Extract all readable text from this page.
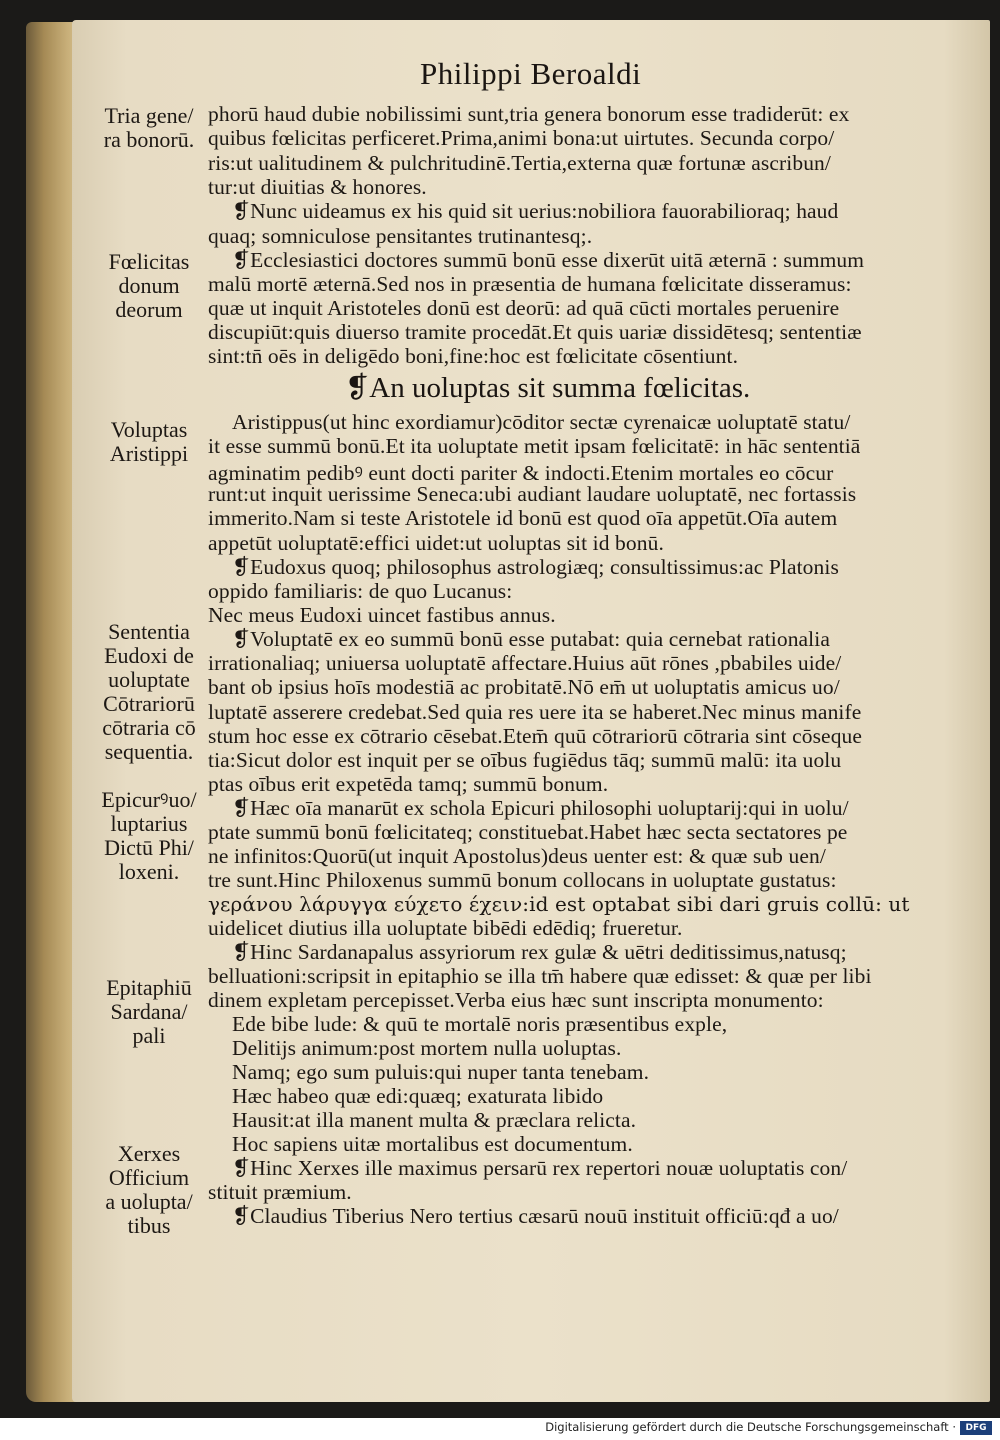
Philippi Beroaldi
Tria gene/
ra bonorū.
Fœlicitas
donum
deorum
Voluptas
Aristippi
Sententia
Eudoxi de
uoluptate
Cōtrariorū
cōtraria cō
sequentia.
Epicurꝰuo/
luptarius
Dictū Phi/
loxeni.
Epitaphiū
Sardana/
pali
Xerxes
Officium
a uolupta/
tibus
❡An uoluptas sit summa fœlicitas.
phorū haud dubie nobilissimi sunt,tria genera bonorum esse tradiderūt: ex
quibus fœlicitas perficeret.Prima,animi bona:ut uirtutes. Secunda corpo/
ris:ut ualitudinem & pulchritudinē.Tertia,externa quæ fortunæ ascribun/
tur:ut diuitias & honores.
❡Nunc uideamus ex his quid sit uerius:nobiliora fauorabilioraq; haud
quaq; somniculose pensitantes trutinantesq;.
❡Ecclesiastici doctores summū bonū esse dixerūt uitā æternā : summum
malū mortē æternā.Sed nos in præsentia de humana fœlicitate disseramus:
quæ ut inquit Aristoteles donū est deorū: ad quā cūcti mortales peruenire
discupiūt:quis diuerso tramite procedāt.Et quis uariæ dissidētesq; sententiæ
sint:tn̄ oēs in deligēdo boni,fine:hoc est fœlicitate cōsentiunt.
Aristippus(ut hinc exordiamur)cōditor sectæ cyrenaicæ uoluptatē statu/
it esse summū bonū.Et ita uoluptate metit ipsam fœlicitatē: in hāc sententiā
agminatim pedibꝰ eunt docti pariter & indocti.Etenim mortales eo cōcur
runt:ut inquit uerissime Seneca:ubi audiant laudare uoluptatē, nec fortassis
immerito.Nam si teste Aristotele id bonū est quod oīa appetūt.Oīa autem
appetūt uoluptatē:effici uidet:ut uoluptas sit id bonū.
❡Eudoxus quoq; philosophus astrologiæq; consultissimus:ac Platonis
oppido familiaris: de quo Lucanus:
Nec meus Eudoxi uincet fastibus annus.
❡Voluptatē ex eo summū bonū esse putabat: quia cernebat rationalia
irrationaliaq; uniuersa uoluptatē affectare.Huius aūt rōnes ,pbabiles uide/
bant ob ipsius hoīs modestiā ac probitatē.Nō em̄ ut uoluptatis amicus uo/
luptatē asserere credebat.Sed quia res uere ita se haberet.Nec minus manife
stum hoc esse ex cōtrario cēsebat.Etem̄ quū cōtrariorū cōtraria sint cōseque
tia:Sicut dolor est inquit per se oībus fugiēdus tāq; summū malū: ita uolu
ptas oībus erit expetēda tamq; summū bonum.
❡Hæc oīa manarūt ex schola Epicuri philosophi uoluptarij:qui in uolu/
ptate summū bonū fœlicitateq; constituebat.Habet hæc secta sectatores pe
ne infinitos:Quorū(ut inquit Apostolus)deus uenter est: & quæ sub uen/
tre sunt.Hinc Philoxenus summū bonum collocans in uoluptate gustatus:
γεράνου λάρυγγα εύχετο έχειν:id est optabat sibi dari gruis collū: ut
uidelicet diutius illa uoluptate bibēdi edēdiq; frueretur.
❡Hinc Sardanapalus assyriorum rex gulæ & uētri deditissimus,natusq;
belluationi:scripsit in epitaphio se illa tm̄ habere quæ edisset: & quæ per libi
dinem expletam percepisset.Verba eius hæc sunt inscripta monumento:
Ede bibe lude: & quū te mortalē noris præsentibus exple,
Delitijs animum:post mortem nulla uoluptas.
Namq; ego sum puluis:qui nuper tanta tenebam.
Hæc habeo quæ edi:quæq; exaturata libido
Hausit:at illa manent multa & præclara relicta.
Hoc sapiens uitæ mortalibus est documentum.
❡Hinc Xerxes ille maximus persarū rex repertori nouæ uoluptatis con/
stituit præmium.
❡Claudius Tiberius Nero tertius cæsarū nouū instituit officiū:qđ a uo/
Digitalisierung gefördert durch die Deutsche Forschungsgemeinschaft ·	DFG
